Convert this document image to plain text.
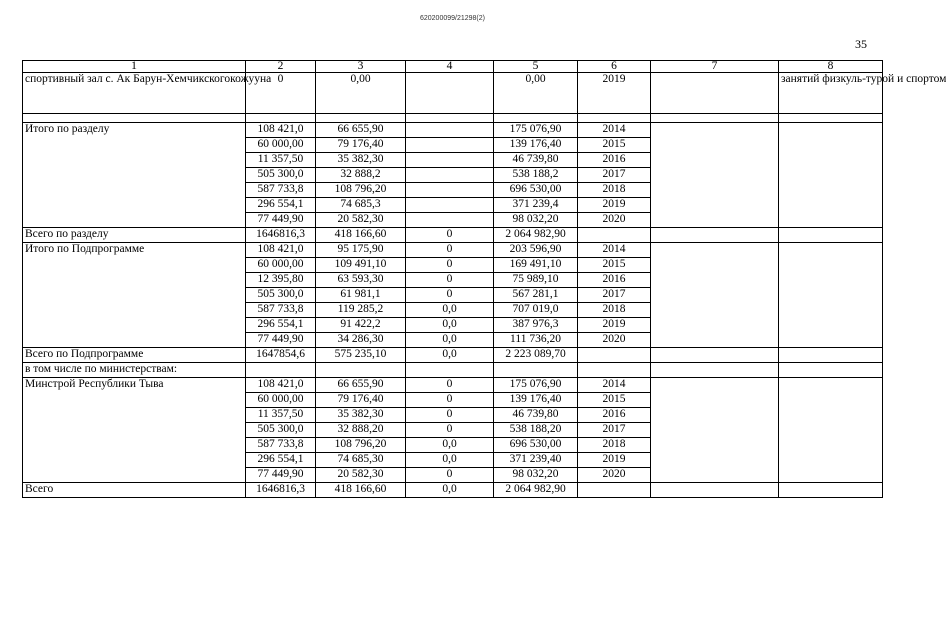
620200099/21298(2)
35
1	2	3	4	5	6	7	8
спортивный зал с. Ак Барун-Хемчикскогокожууна	0	0,00		0,00	2019		занятий физкуль-турой и спортом

Итого по разделу	108 421,0	66 655,90		175 076,90	2014		
	60 000,00	79 176,40		139 176,40	2015		
	11 357,50	35 382,30		46 739,80	2016		
	505 300,0	32 888,2		538 188,2	2017		
	587 733,8	108 796,20		696 530,00	2018		
	296 554,1	74 685,3		371 239,4	2019		
	77 449,90	20 582,30		98 032,20	2020		
Всего по разделу	1646816,3	418 166,60	0	2 064 982,90			
Итого по Подпрограмме	108 421,0	95 175,90	0	203 596,90	2014		
	60 000,00	109 491,10	0	169 491,10	2015		
	12 395,80	63 593,30	0	75 989,10	2016		
	505 300,0	61 981,1	0	567 281,1	2017		
	587 733,8	119 285,2	0,0	707 019,0	2018		
	296 554,1	91 422,2	0,0	387 976,3	2019		
	77 449,90	34 286,30	0,0	111 736,20	2020		
Всего по Подпрограмме	1647854,6	575 235,10	0,0	2 223 089,70			
в том числе по министерствам:							
Минстрой Республики Тыва	108 421,0	66 655,90	0	175 076,90	2014		
	60 000,00	79 176,40	0	139 176,40	2015		
	11 357,50	35 382,30	0	46 739,80	2016		
	505 300,0	32 888,20	0	538 188,20	2017		
	587 733,8	108 796,20	0,0	696 530,00	2018		
	296 554,1	74 685,30	0,0	371 239,40	2019		
	77 449,90	20 582,30	0	98 032,20	2020		
Всего	1646816,3	418 166,60	0,0	2 064 982,90			
